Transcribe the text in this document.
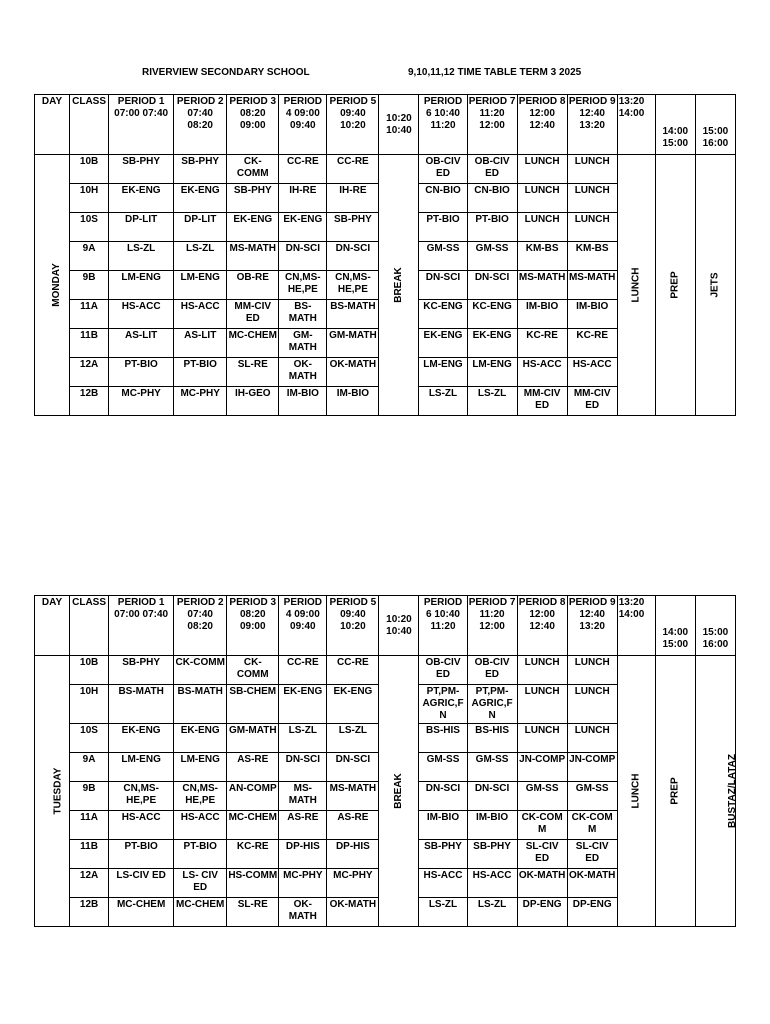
RIVERVIEW SECONDARY SCHOOL	9,10,11,12 TIME TABLE TERM 3 2025
DAY	CLASS	PERIOD 1 07:00 07:40	PERIOD 2 07:40 08:20	PERIOD 3 08:20 09:00	PERIOD 4 09:00 09:40	PERIOD 5 09:40 10:20	10:20 10:40	PERIOD 6 10:40 11:20	PERIOD 7 11:20 12:00	PERIOD 8 12:00 12:40	PERIOD 9 12:40 13:20	13:20 14:00	14:00 15:00	15:00 16:00
MONDAY	10B	SB-PHY	SB-PHY	CK-COMM	CC-RE	CC-RE	BREAK	OB-CIV ED	OB-CIV ED	LUNCH	LUNCH	LUNCH	PREP	JETS
	10H	EK-ENG	EK-ENG	SB-PHY	IH-RE	IH-RE		CN-BIO	CN-BIO	LUNCH	LUNCH			
	10S	DP-LIT	DP-LIT	EK-ENG	EK-ENG	SB-PHY		PT-BIO	PT-BIO	LUNCH	LUNCH			
	9A	LS-ZL	LS-ZL	MS-MATH	DN-SCI	DN-SCI		GM-SS	GM-SS	KM-BS	KM-BS			
	9B	LM-ENG	LM-ENG	OB-RE	CN,MS-HE,PE	CN,MS-HE,PE		DN-SCI	DN-SCI	MS-MATH	MS-MATH			
	11A	HS-ACC	HS-ACC	MM-CIV ED	BS-MATH	BS-MATH		KC-ENG	KC-ENG	IM-BIO	IM-BIO			
	11B	AS-LIT	AS-LIT	MC-CHEM	GM-MATH	GM-MATH		EK-ENG	EK-ENG	KC-RE	KC-RE			
	12A	PT-BIO	PT-BIO	SL-RE	OK-MATH	OK-MATH		LM-ENG	LM-ENG	HS-ACC	HS-ACC			
	12B	MC-PHY	MC-PHY	IH-GEO	IM-BIO	IM-BIO		LS-ZL	LS-ZL	MM-CIV ED	MM-CIV ED			
DAY	CLASS	PERIOD 1 07:00 07:40	PERIOD 2 07:40 08:20	PERIOD 3 08:20 09:00	PERIOD 4 09:00 09:40	PERIOD 5 09:40 10:20	10:20 10:40	PERIOD 6 10:40 11:20	PERIOD 7 11:20 12:00	PERIOD 8 12:00 12:40	PERIOD 9 12:40 13:20	13:20 14:00	14:00 15:00	15:00 16:00
TUESDAY	10B	SB-PHY	CK-COMM	CK-COMM	CC-RE	CC-RE	BREAK	OB-CIV ED	OB-CIV ED	LUNCH	LUNCH	LUNCH	PREP	BUSTAZ/LATAZ
	10H	BS-MATH	BS-MATH	SB-CHEM	EK-ENG	EK-ENG		PT,PM-AGRIC,F N	PT,PM-AGRIC,F N	LUNCH	LUNCH			
	10S	EK-ENG	EK-ENG	GM-MATH	LS-ZL	LS-ZL		BS-HIS	BS-HIS	LUNCH	LUNCH			
	9A	LM-ENG	LM-ENG	AS-RE	DN-SCI	DN-SCI		GM-SS	GM-SS	JN-COMP	JN-COMP			
	9B	CN,MS-HE,PE	CN,MS-HE,PE	AN-COMP	MS-MATH	MS-MATH		DN-SCI	DN-SCI	GM-SS	GM-SS			
	11A	HS-ACC	HS-ACC	MC-CHEM	AS-RE	AS-RE		IM-BIO	IM-BIO	CK-COM M	CK-COM M			
	11B	PT-BIO	PT-BIO	KC-RE	DP-HIS	DP-HIS		SB-PHY	SB-PHY	SL-CIV ED	SL-CIV ED			
	12A	LS-CIV ED	LS- CIV ED	HS-COMM	MC-PHY	MC-PHY		HS-ACC	HS-ACC	OK-MATH	OK-MATH			
	12B	MC-CHEM	MC-CHEM	SL-RE	OK-MATH	OK-MATH		LS-ZL	LS-ZL	DP-ENG	DP-ENG			
